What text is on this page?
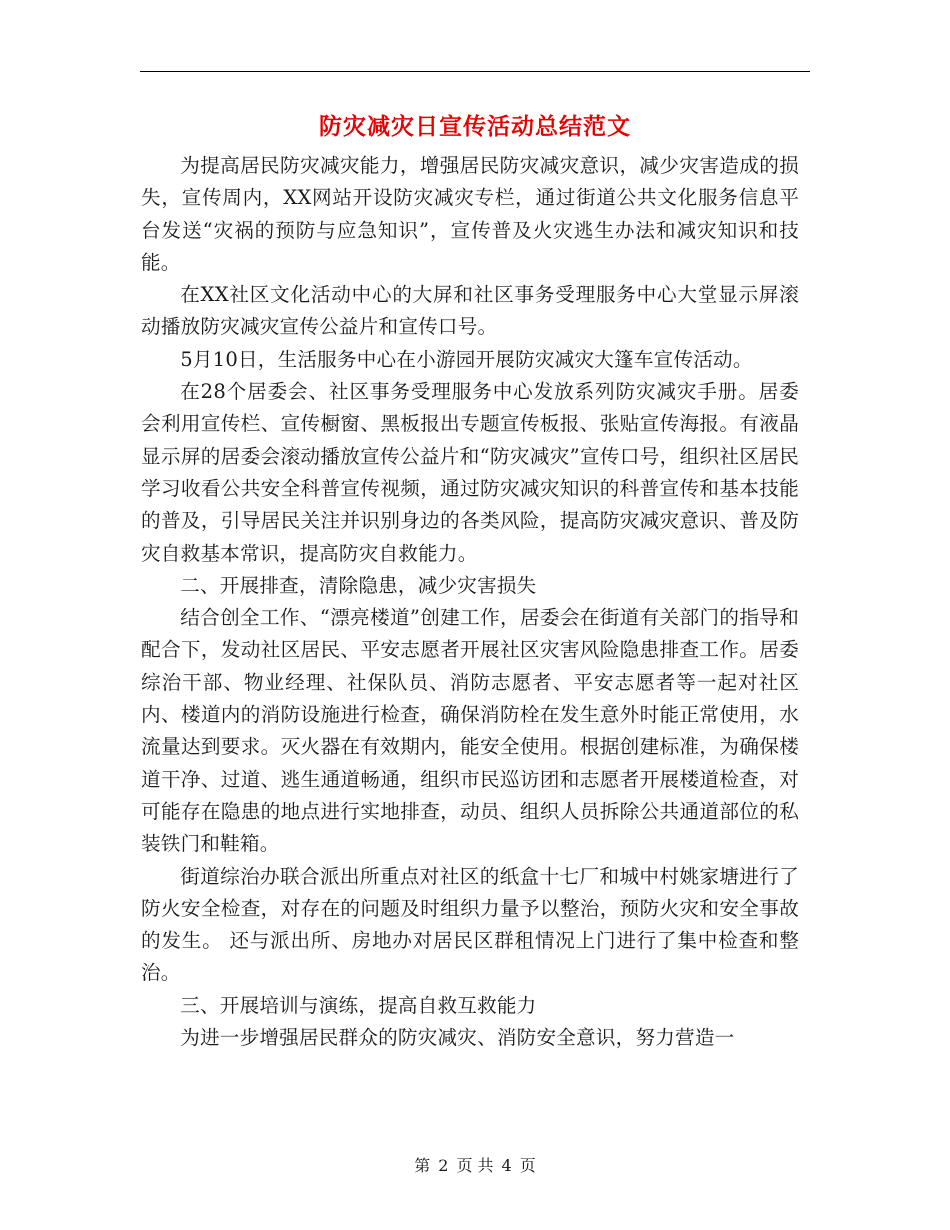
防灾减灾日宣传活动总结范文

为提高居民防灾减灾能力，增强居民防灾减灾意识，减少灾害造成的损失，宣传周内，XX网站开设防灾减灾专栏，通过街道公共文化服务信息平台发送“灾祸的预防与应急知识”，宣传普及火灾逃生办法和减灾知识和技能。

在XX社区文化活动中心的大屏和社区事务受理服务中心大堂显示屏滚动播放防灾减灾宣传公益片和宣传口号。

5月10日，生活服务中心在小游园开展防灾减灾大篷车宣传活动。

在28个居委会、社区事务受理服务中心发放系列防灾减灾手册。居委会利用宣传栏、宣传橱窗、黑板报出专题宣传板报、张贴宣传海报。有液晶显示屏的居委会滚动播放宣传公益片和“防灾减灾”宣传口号，组织社区居民学习收看公共安全科普宣传视频，通过防灾减灾知识的科普宣传和基本技能的普及，引导居民关注并识别身边的各类风险，提高防灾减灾意识、普及防灾自救基本常识，提高防灾自救能力。

二、开展排查，清除隐患，减少灾害损失

结合创全工作、“漂亮楼道”创建工作，居委会在街道有关部门的指导和配合下，发动社区居民、平安志愿者开展社区灾害风险隐患排查工作。居委综治干部、物业经理、社保队员、消防志愿者、平安志愿者等一起对社区内、楼道内的消防设施进行检查，确保消防栓在发生意外时能正常使用，水流量达到要求。灭火器在有效期内，能安全使用。根据创建标准，为确保楼道干净、过道、逃生通道畅通，组织市民巡访团和志愿者开展楼道检查，对可能存在隐患的地点进行实地排查，动员、组织人员拆除公共通道部位的私装铁门和鞋箱。

街道综治办联合派出所重点对社区的纸盒十七厂和城中村姚家塘进行了防火安全检查，对存在的问题及时组织力量予以整治，预防火灾和安全事故的发生。 还与派出所、房地办对居民区群租情况上门进行了集中检查和整治。

三、开展培训与演练，提高自救互救能力

为进一步增强居民群众的防灾减灾、消防安全意识，努力营造一

第 2 页 共 4 页
